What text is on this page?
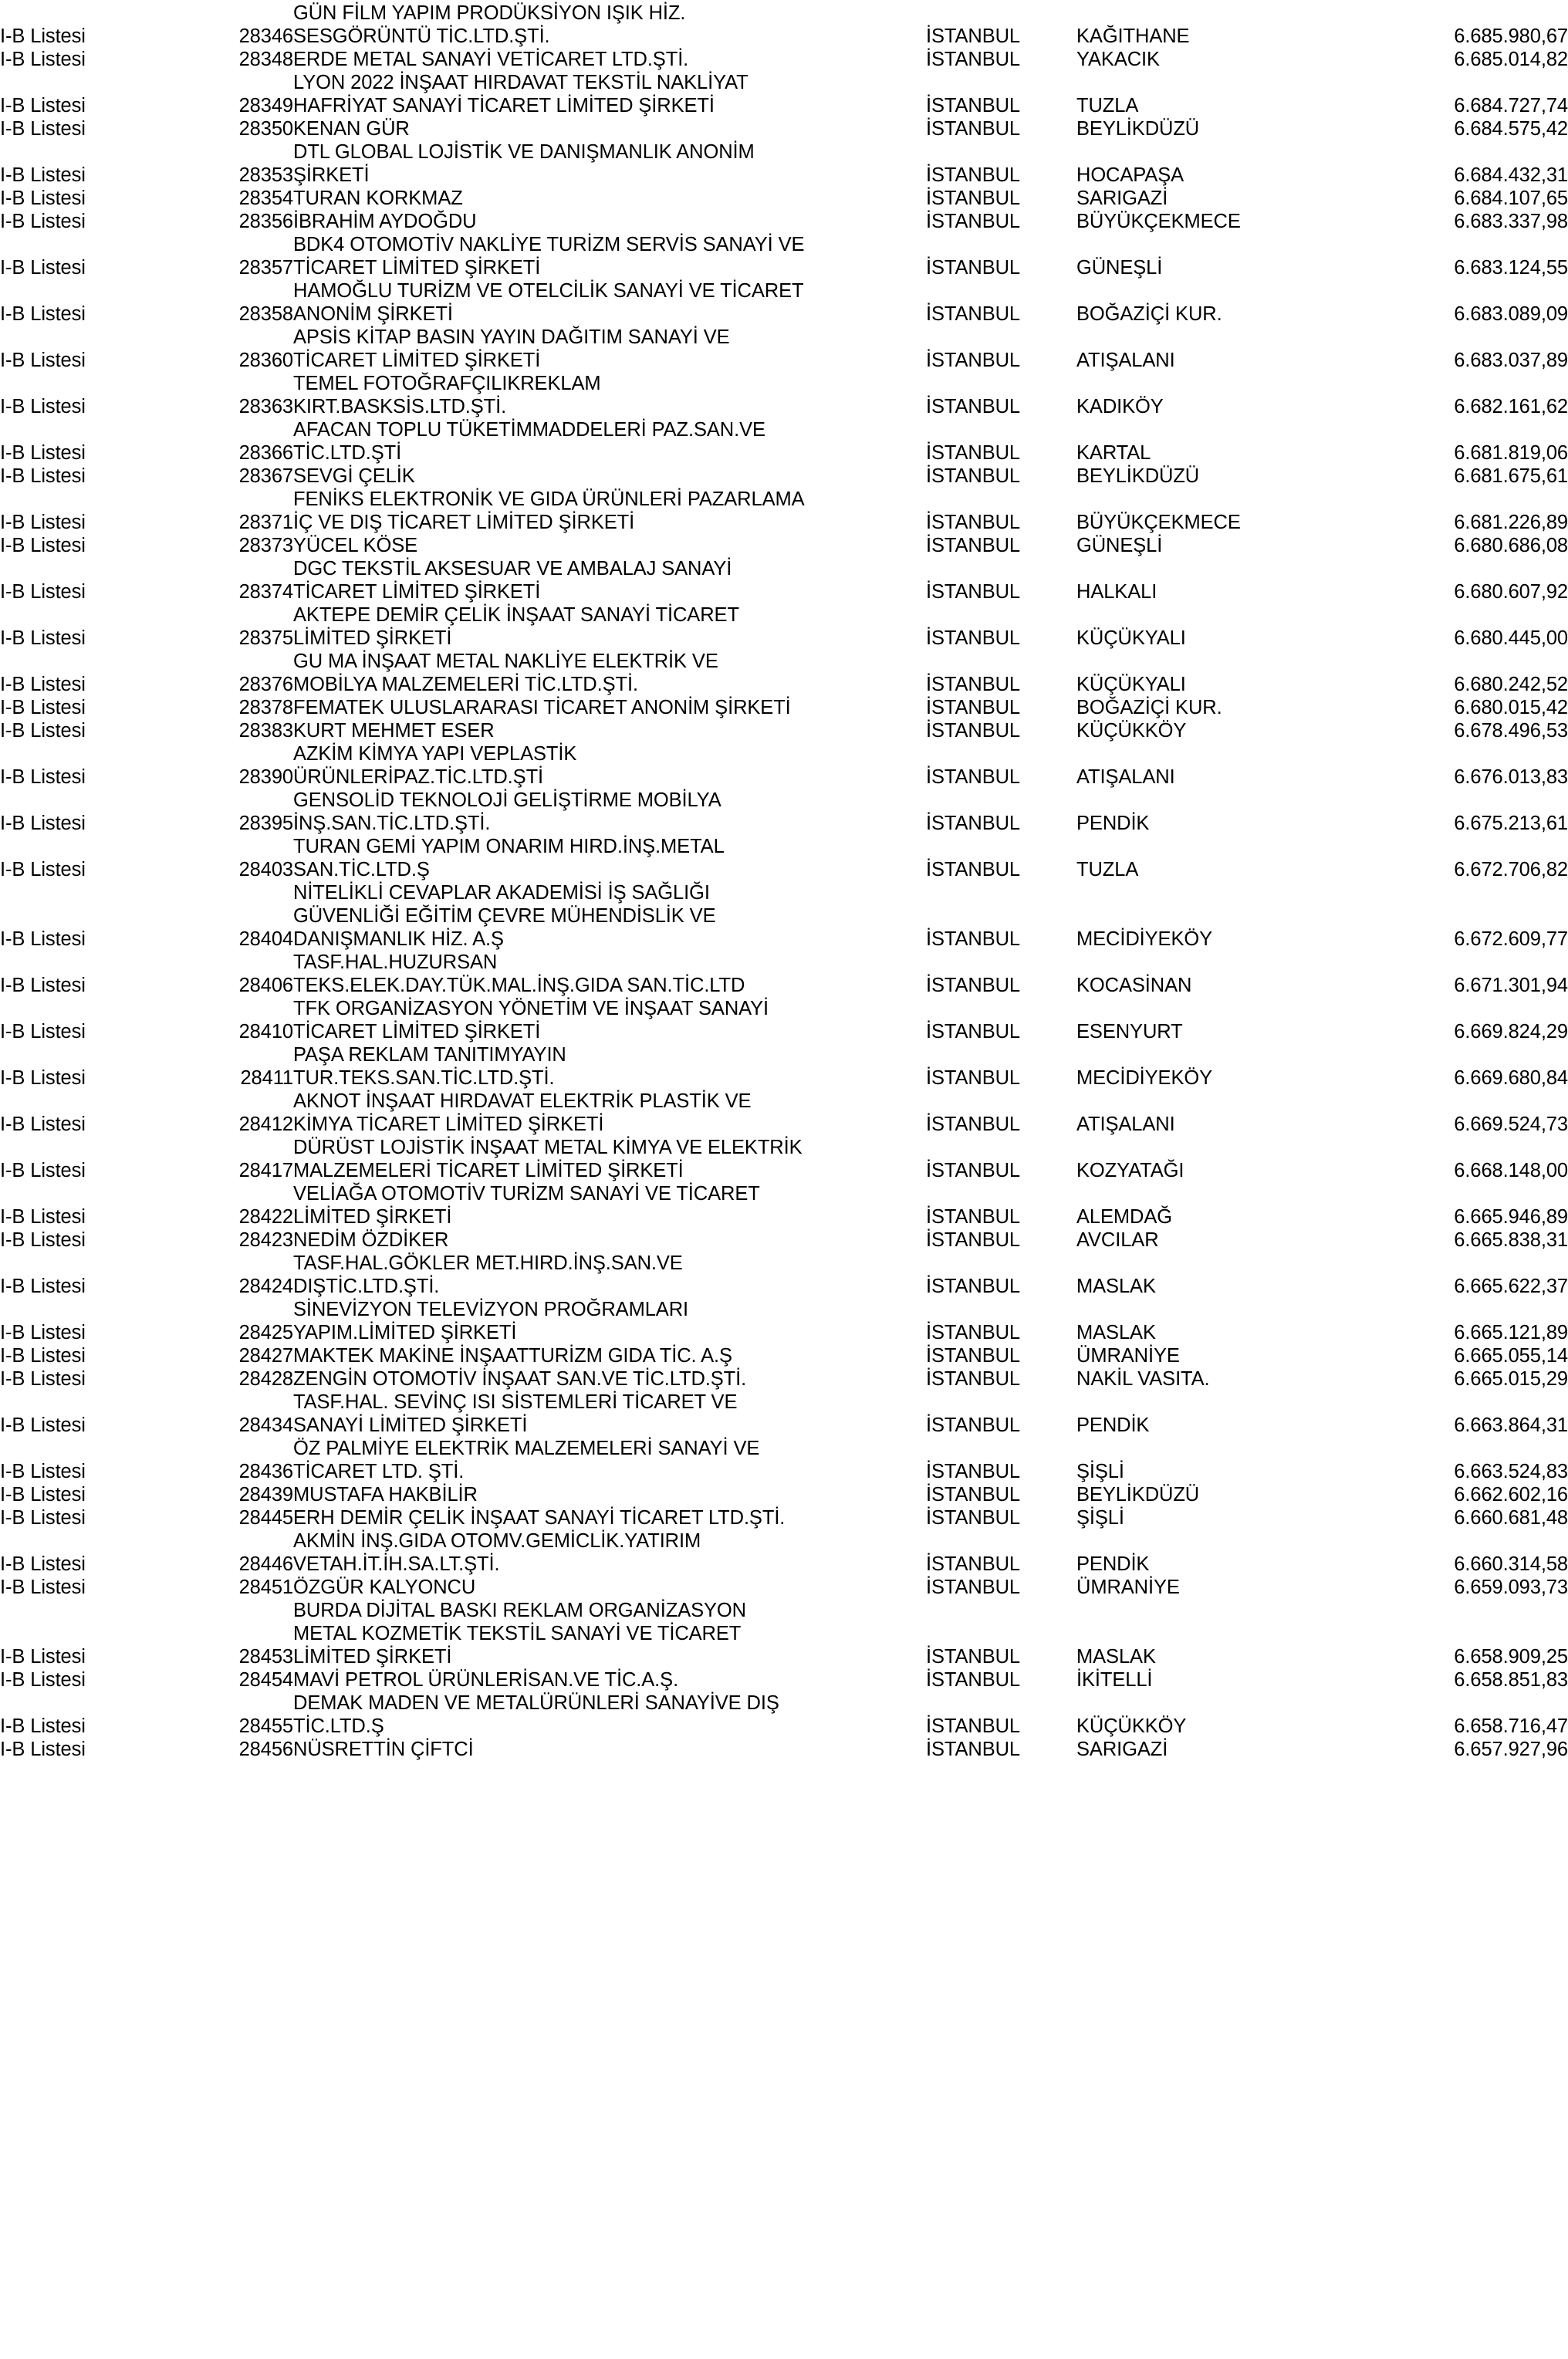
		GÜN FİLM YAPIM PRODÜKSİYON IŞIK HİZ.			
I-B Listesi	28346	SESGÖRÜNTÜ TİC.LTD.ŞTİ.	İSTANBUL	KAĞITHANE	6.685.980,67
I-B Listesi	28348	ERDE METAL SANAYİ VETİCARET LTD.ŞTİ.	İSTANBUL	YAKACIK	6.685.014,82
		LYON 2022 İNŞAAT HIRDAVAT TEKSTİL NAKLİYAT			
I-B Listesi	28349	HAFRİYAT SANAYİ TİCARET LİMİTED ŞİRKETİ	İSTANBUL	TUZLA	6.684.727,74
I-B Listesi	28350	KENAN GÜR	İSTANBUL	BEYLİKDÜZÜ	6.684.575,42
		DTL GLOBAL LOJİSTİK VE DANIŞMANLIK ANONİM			
I-B Listesi	28353	ŞİRKETİ	İSTANBUL	HOCAPAŞA	6.684.432,31
I-B Listesi	28354	TURAN KORKMAZ	İSTANBUL	SARIGAZİ	6.684.107,65
I-B Listesi	28356	İBRAHİM AYDOĞDU	İSTANBUL	BÜYÜKÇEKMECE	6.683.337,98
		BDK4 OTOMOTİV NAKLİYE TURİZM SERVİS SANAYİ VE			
I-B Listesi	28357	TİCARET LİMİTED ŞİRKETİ	İSTANBUL	GÜNEŞLİ	6.683.124,55
		HAMOĞLU TURİZM VE OTELCİLİK SANAYİ VE TİCARET			
I-B Listesi	28358	ANONİM ŞİRKETİ	İSTANBUL	BOĞAZİÇİ KUR.	6.683.089,09
		APSİS KİTAP BASIN YAYIN DAĞITIM SANAYİ VE			
I-B Listesi	28360	TİCARET LİMİTED ŞİRKETİ	İSTANBUL	ATIŞALANI	6.683.037,89
		TEMEL FOTOĞRAFÇILIKREKLAM			
I-B Listesi	28363	KIRT.BASKSİS.LTD.ŞTİ.	İSTANBUL	KADIKÖY	6.682.161,62
		AFACAN TOPLU TÜKETİMMADDELERİ PAZ.SAN.VE			
I-B Listesi	28366	TİC.LTD.ŞTİ	İSTANBUL	KARTAL	6.681.819,06
I-B Listesi	28367	SEVGİ ÇELİK	İSTANBUL	BEYLİKDÜZÜ	6.681.675,61
		FENİKS ELEKTRONİK VE GIDA ÜRÜNLERİ PAZARLAMA			
I-B Listesi	28371	İÇ VE DIŞ TİCARET LİMİTED ŞİRKETİ	İSTANBUL	BÜYÜKÇEKMECE	6.681.226,89
I-B Listesi	28373	YÜCEL KÖSE	İSTANBUL	GÜNEŞLİ	6.680.686,08
		DGC TEKSTİL AKSESUAR VE AMBALAJ SANAYİ			
I-B Listesi	28374	TİCARET LİMİTED ŞİRKETİ	İSTANBUL	HALKALI	6.680.607,92
		AKTEPE DEMİR ÇELİK İNŞAAT SANAYİ TİCARET			
I-B Listesi	28375	LİMİTED ŞİRKETİ	İSTANBUL	KÜÇÜKYALI	6.680.445,00
		GU MA İNŞAAT METAL NAKLİYE ELEKTRİK VE			
I-B Listesi	28376	MOBİLYA MALZEMELERİ TİC.LTD.ŞTİ.	İSTANBUL	KÜÇÜKYALI	6.680.242,52
I-B Listesi	28378	FEMATEK ULUSLARARASI TİCARET ANONİM ŞİRKETİ	İSTANBUL	BOĞAZİÇİ KUR.	6.680.015,42
I-B Listesi	28383	KURT MEHMET ESER	İSTANBUL	KÜÇÜKKÖY	6.678.496,53
		AZKİM KİMYA YAPI VEPLASTİK			
I-B Listesi	28390	ÜRÜNLERİPAZ.TİC.LTD.ŞTİ	İSTANBUL	ATIŞALANI	6.676.013,83
		GENSOLİD TEKNOLOJİ GELİŞTİRME MOBİLYA			
I-B Listesi	28395	İNŞ.SAN.TİC.LTD.ŞTİ.	İSTANBUL	PENDİK	6.675.213,61
		TURAN GEMİ YAPIM ONARIM HIRD.İNŞ.METAL			
I-B Listesi	28403	SAN.TİC.LTD.Ş	İSTANBUL	TUZLA	6.672.706,82
		NİTELİKLİ CEVAPLAR AKADEMİSİ İŞ SAĞLIĞI			
		GÜVENLİĞİ EĞİTİM ÇEVRE MÜHENDİSLİK VE			
I-B Listesi	28404	DANIŞMANLIK HİZ. A.Ş	İSTANBUL	MECİDİYEKÖY	6.672.609,77
		TASF.HAL.HUZURSAN			
I-B Listesi	28406	TEKS.ELEK.DAY.TÜK.MAL.İNŞ.GIDA SAN.TİC.LTD	İSTANBUL	KOCASİNAN	6.671.301,94
		TFK ORGANİZASYON YÖNETİM VE İNŞAAT SANAYİ			
I-B Listesi	28410	TİCARET LİMİTED ŞİRKETİ	İSTANBUL	ESENYURT	6.669.824,29
		PAŞA REKLAM TANITIMYAYIN			
I-B Listesi	28411	TUR.TEKS.SAN.TİC.LTD.ŞTİ.	İSTANBUL	MECİDİYEKÖY	6.669.680,84
		AKNOT İNŞAAT HIRDAVAT ELEKTRİK PLASTİK VE			
I-B Listesi	28412	KİMYA TİCARET LİMİTED ŞİRKETİ	İSTANBUL	ATIŞALANI	6.669.524,73
		DÜRÜST LOJİSTİK İNŞAAT METAL KİMYA VE ELEKTRİK			
I-B Listesi	28417	MALZEMELERİ TİCARET LİMİTED ŞİRKETİ	İSTANBUL	KOZYATAĞI	6.668.148,00
		VELİAĞA OTOMOTİV TURİZM SANAYİ VE TİCARET			
I-B Listesi	28422	LİMİTED ŞİRKETİ	İSTANBUL	ALEMDAĞ	6.665.946,89
I-B Listesi	28423	NEDİM ÖZDİKER	İSTANBUL	AVCILAR	6.665.838,31
		TASF.HAL.GÖKLER MET.HIRD.İNŞ.SAN.VE			
I-B Listesi	28424	DIŞTİC.LTD.ŞTİ.	İSTANBUL	MASLAK	6.665.622,37
		SİNEVİZYON TELEVİZYON PROĞRAMLARI			
I-B Listesi	28425	YAPIM.LİMİTED ŞİRKETİ	İSTANBUL	MASLAK	6.665.121,89
I-B Listesi	28427	MAKTEK MAKİNE İNŞAATTURİZM GIDA TİC. A.Ş	İSTANBUL	ÜMRANİYE	6.665.055,14
I-B Listesi	28428	ZENGİN OTOMOTİV İNŞAAT SAN.VE TİC.LTD.ŞTİ.	İSTANBUL	NAKİL VASITA.	6.665.015,29
		TASF.HAL. SEVİNÇ ISI SİSTEMLERİ TİCARET VE			
I-B Listesi	28434	SANAYİ LİMİTED ŞİRKETİ	İSTANBUL	PENDİK	6.663.864,31
		ÖZ PALMİYE ELEKTRİK MALZEMELERİ SANAYİ VE			
I-B Listesi	28436	TİCARET LTD. ŞTİ.	İSTANBUL	ŞİŞLİ	6.663.524,83
I-B Listesi	28439	MUSTAFA HAKBİLİR	İSTANBUL	BEYLİKDÜZÜ	6.662.602,16
I-B Listesi	28445	ERH DEMİR ÇELİK İNŞAAT SANAYİ TİCARET LTD.ŞTİ.	İSTANBUL	ŞİŞLİ	6.660.681,48
		AKMİN İNŞ.GIDA OTOMV.GEMİCLİK.YATIRIM			
I-B Listesi	28446	VETAH.İT.İH.SA.LT.ŞTİ.	İSTANBUL	PENDİK	6.660.314,58
I-B Listesi	28451	ÖZGÜR KALYONCU	İSTANBUL	ÜMRANİYE	6.659.093,73
		BURDA DİJİTAL BASKI REKLAM ORGANİZASYON			
		METAL KOZMETİK TEKSTİL SANAYİ VE TİCARET			
I-B Listesi	28453	LİMİTED ŞİRKETİ	İSTANBUL	MASLAK	6.658.909,25
I-B Listesi	28454	MAVİ PETROL ÜRÜNLERİSAN.VE TİC.A.Ş.	İSTANBUL	İKİTELLİ	6.658.851,83
		DEMAK MADEN VE METALÜRÜNLERİ SANAYİVE DIŞ			
I-B Listesi	28455	TİC.LTD.Ş	İSTANBUL	KÜÇÜKKÖY	6.658.716,47
I-B Listesi	28456	NÜSRETTİN ÇİFTCİ	İSTANBUL	SARIGAZİ	6.657.927,96
